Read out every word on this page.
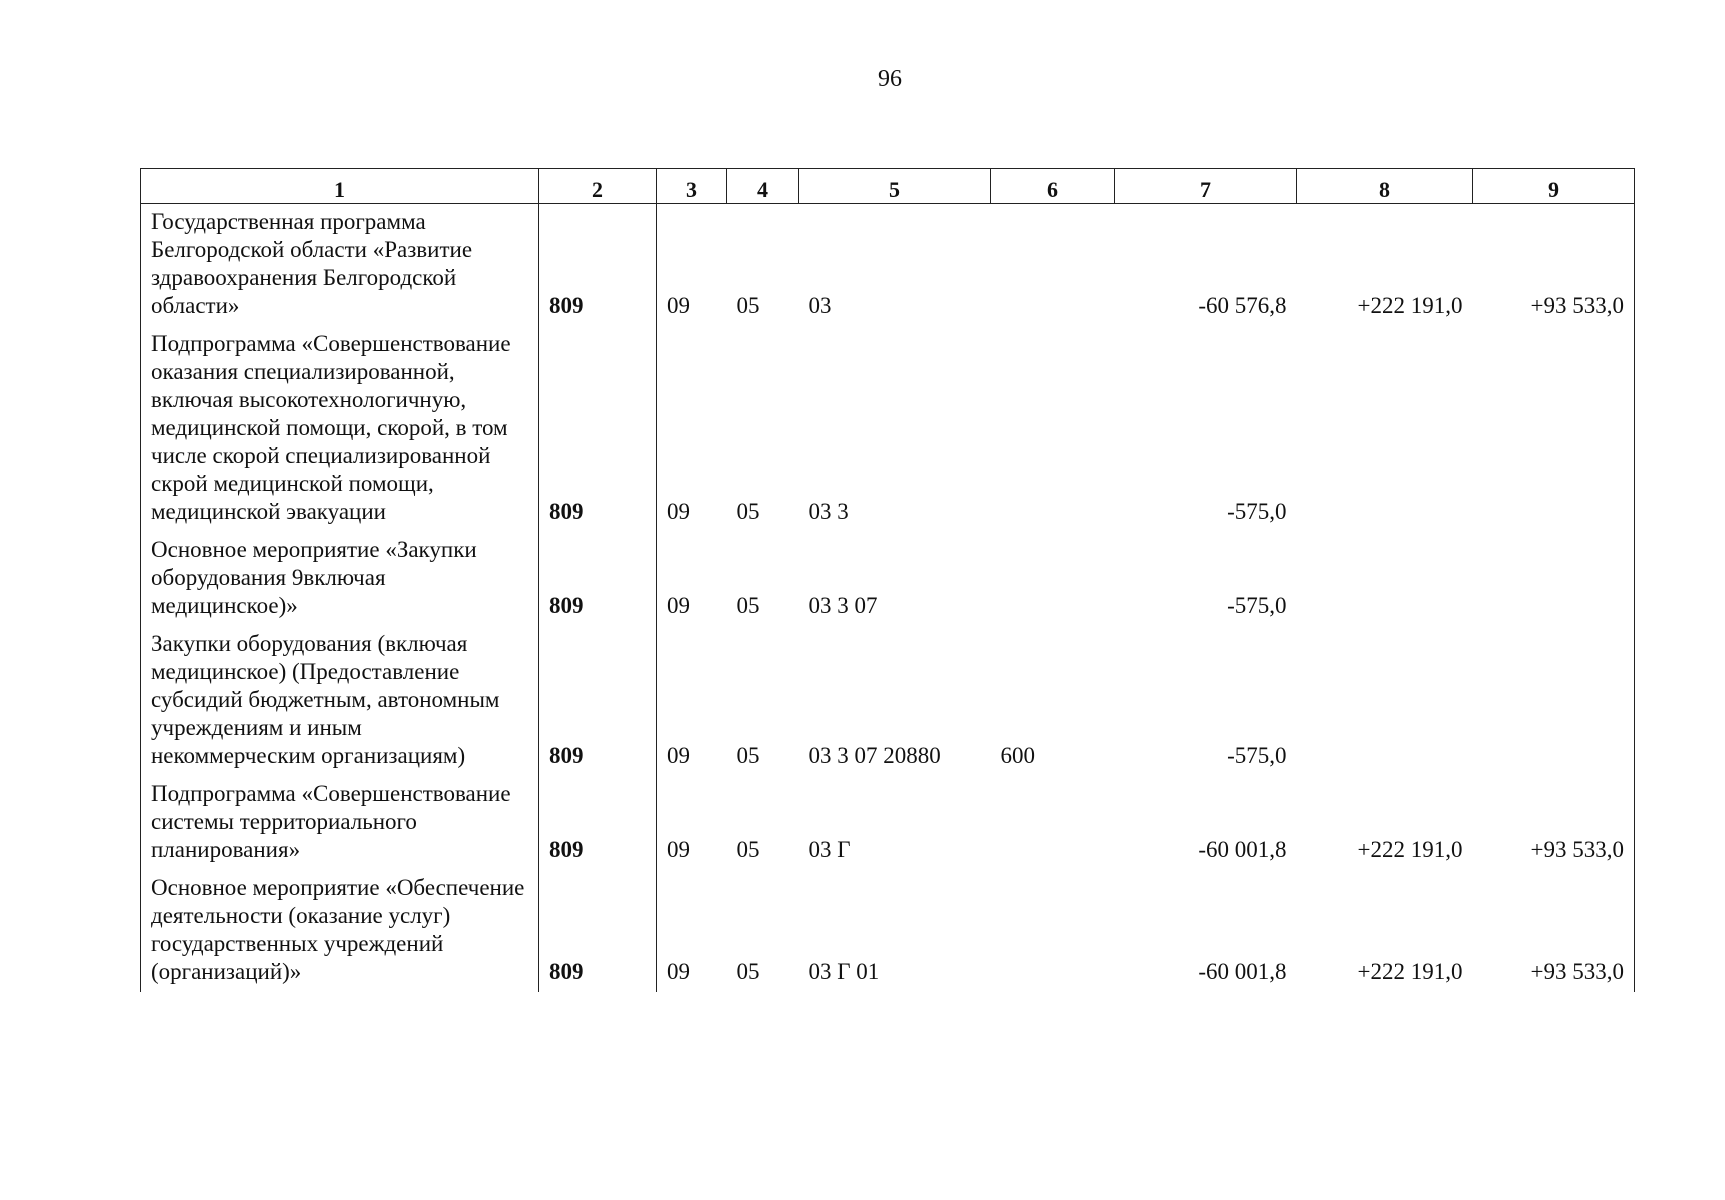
96
1	2	3	4	5	6	7	8	9
Государственная программа Белгородской области «Развитие здравоохранения Белгородской области»	809	09	05	03		-60 576,8	+222 191,0	+93 533,0
Подпрограмма «Совершенствование оказания специализированной, включая высокотехнологичную, медицинской помощи, скорой, в том числе скорой специализированной скрой медицинской помощи, медицинской эвакуации	809	09	05	03 3		-575,0		
Основное мероприятие «Закупки оборудования 9включая медицинское)»	809	09	05	03 3 07		-575,0		
Закупки оборудования (включая медицинское) (Предоставление субсидий бюджетным, автономным учреждениям и иным некоммерческим организациям)	809	09	05	03 3 07 20880	600	-575,0		
Подпрограмма «Совершенствование системы территориального планирования»	809	09	05	03 Г		-60 001,8	+222 191,0	+93 533,0
Основное мероприятие «Обеспечение деятельности (оказание услуг) государственных учреждений (организаций)»	809	09	05	03 Г 01		-60 001,8	+222 191,0	+93 533,0
